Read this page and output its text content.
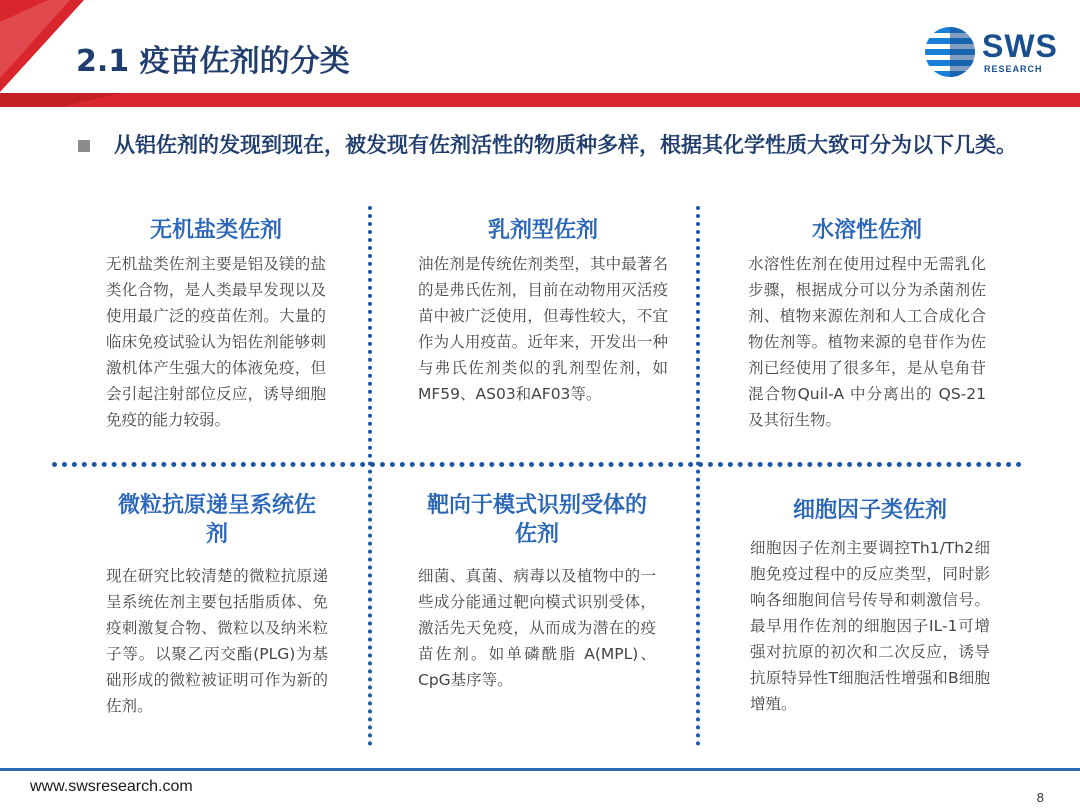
2.1 疫苗佐剂的分类	SWS
RESEARCH
从铝佐剂的发现到现在，被发现有佐剂活性的物质种多样，根据其化学性质大致可分为以下几类。
无机盐类佐剂

无机盐类佐剂主要是铝及镁的盐类化合物，是人类最早发现以及使用最广泛的疫苗佐剂。大量的临床免疫试验认为铝佐剂能够刺激机体产生强大的体液免疫，但会引起注射部位反应，诱导细胞免疫的能力较弱。

乳剂型佐剂

油佐剂是传统佐剂类型，其中最著名的是弗氏佐剂，目前在动物用灭活疫苗中被广泛使用，但毒性较大，不宜作为人用疫苗。近年来，开发出一种与弗氏佐剂类似的乳剂型佐剂，如MF59、AS03和AF03等。

水溶性佐剂

水溶性佐剂在使用过程中无需乳化步骤，根据成分可以分为杀菌剂佐剂、植物来源佐剂和人工合成化合物佐剂等。植物来源的皂苷作为佐剂已经使用了很多年，是从皂角苷混合物Quil-A 中分离出的 QS-21及其衍生物。

微粒抗原递呈系统佐剂

现在研究比较清楚的微粒抗原递呈系统佐剂主要包括脂质体、免疫刺激复合物、微粒以及纳米粒子等。以聚乙丙交酯(PLG)为基础形成的微粒被证明可作为新的佐剂。

靶向于模式识别受体的佐剂

细菌、真菌、病毒以及植物中的一些成分能通过靶向模式识别受体，激活先天免疫，从而成为潜在的疫苗佐剂。如单磷酰脂 A(MPL)、CpG基序等。

细胞因子类佐剂

细胞因子佐剂主要调控Th1/Th2细胞免疫过程中的反应类型，同时影响各细胞间信号传导和刺激信号。最早用作佐剂的细胞因子IL-1可增强对抗原的初次和二次反应，诱导抗原特异性T细胞活性增强和B细胞增殖。

www.swsresearch.com
8
